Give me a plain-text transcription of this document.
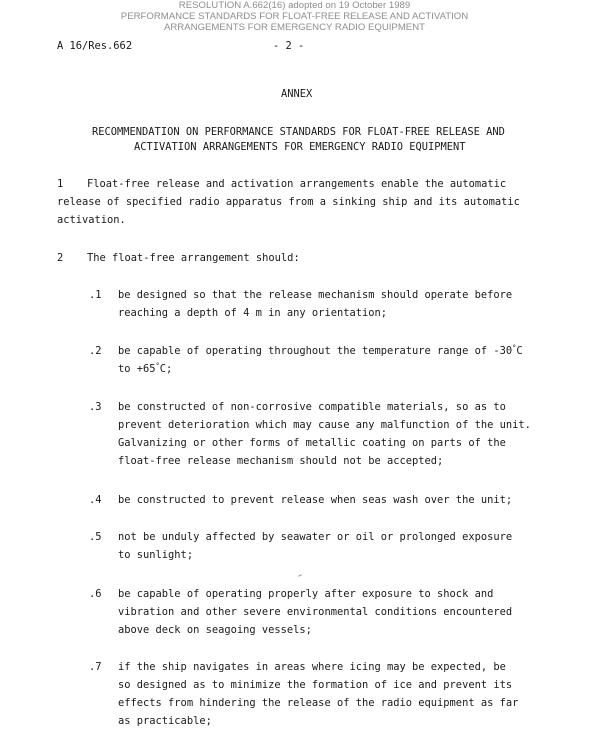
RESOLUTION A.662(16) adopted on 19 October 1989
PERFORMANCE STANDARDS FOR FLOAT-FREE RELEASE AND ACTIVATION
ARRANGEMENTS FOR EMERGENCY RADIO EQUIPMENT
A 16/Res.662	- 2 -
ANNEX
RECOMMENDATION ON PERFORMANCE STANDARDS FOR FLOAT-FREE RELEASE AND
ACTIVATION ARRANGEMENTS FOR EMERGENCY RADIO EQUIPMENT
1 Float-free release and activation arrangements enable the automatic
release of specified radio apparatus from a sinking ship and its automatic
activation.
2 The float-free arrangement should:
.1 be designed so that the release mechanism should operate before
reaching a depth of 4 m in any orientation;
.2 be capable of operating throughout the temperature range of -30°C
to +65°C;
.3 be constructed of non-corrosive compatible materials, so as to
prevent deterioration which may cause any malfunction of the unit.
Galvanizing or other forms of metallic coating on parts of the
float-free release mechanism should not be accepted;
.4 be constructed to prevent release when seas wash over the unit;
.5 not be unduly affected by seawater or oil or prolonged exposure
to sunlight;
.6 be capable of operating properly after exposure to shock and
vibration and other severe environmental conditions encountered
above deck on seagoing vessels;
.7 if the ship navigates in areas where icing may be expected, be
so designed as to minimize the formation of ice and prevent its
effects from hindering the release of the radio equipment as far
as practicable;
